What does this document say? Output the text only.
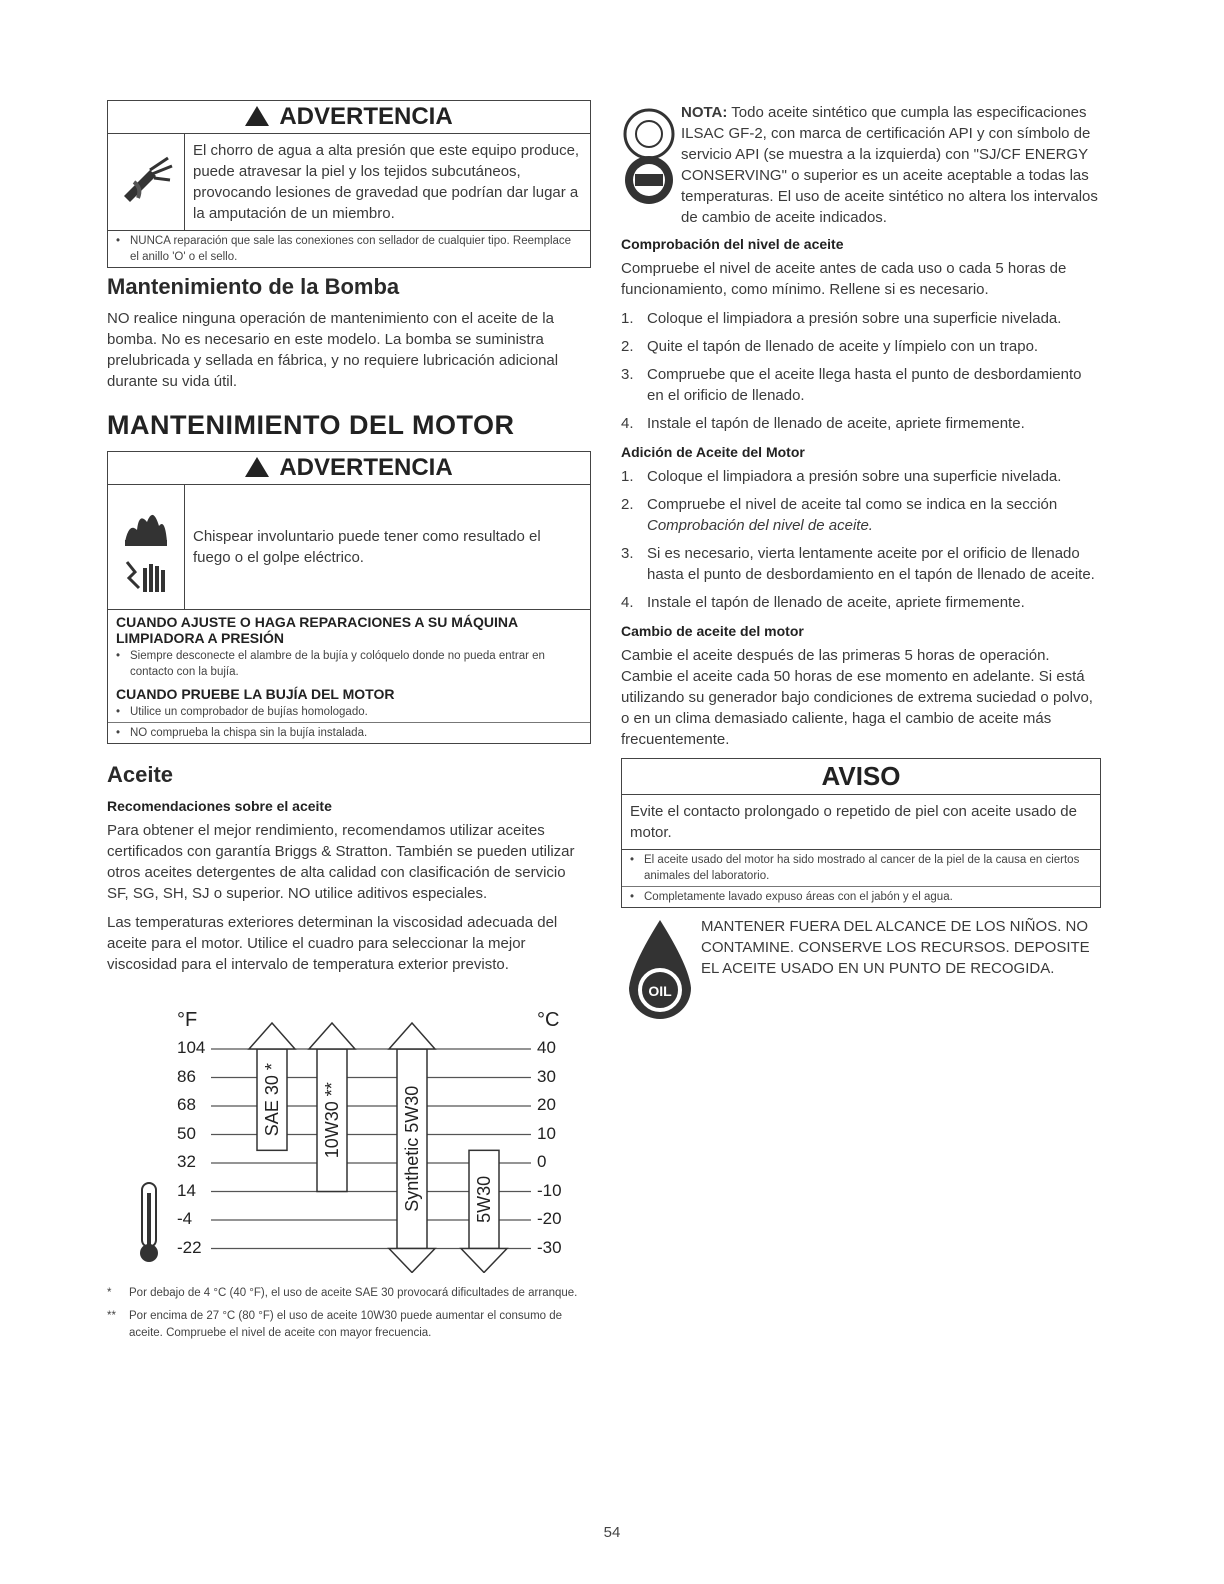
ADVERTENCIA
El chorro de agua a alta presión que este equipo produce, puede atravesar la piel y los tejidos subcutáneos, provocando lesiones de gravedad que podrían dar lugar a la amputación de un miembro.
• NUNCA reparación que sale las conexiones con sellador de cualquier tipo. Reemplace el anillo 'O' o el sello.
Mantenimiento de la Bomba

NO realice ninguna operación de mantenimiento con el aceite de la bomba. No es necesario en este modelo. La bomba se suministra prelubricada y sellada en fábrica, y no requiere lubricación adicional durante su vida útil.

MANTENIMIENTO DEL MOTOR
ADVERTENCIA
Chispear involuntario puede tener como resultado el fuego o el golpe eléctrico.
CUANDO AJUSTE O HAGA REPARACIONES A SU MÁQUINA LIMPIADORA A PRESIÓN
• Siempre desconecte el alambre de la bujía y colóquelo donde no pueda entrar en contacto con la bujía.
CUANDO PRUEBE LA BUJÍA DEL MOTOR
• Utilice un comprobador de bujías homologado.
• NO comprueba la chispa sin la bujía instalada.
Aceite
Recomendaciones sobre el aceite

Para obtener el mejor rendimiento, recomendamos utilizar aceites certificados con garantía Briggs & Stratton. También se pueden utilizar otros aceites detergentes de alta calidad con clasificación de servicio SF, SG, SH, SJ o superior. NO utilice aditivos especiales.

Las temperaturas exteriores determinan la viscosidad adecuada del aceite para el motor. Utilice el cuadro para seleccionar la mejor viscosidad para el intervalo de temperatura exterior previsto.

SAE 30 * 10W30 **	Synthetic 5W30	5W30
°F	°C
104	40
86	30
68	20
50	10
32	0
14	-10
-4	-20
-22	-30
*	Por debajo de 4 °C (40 °F), el uso de aceite SAE 30 provocará dificultades de arranque.
**	Por encima de 27 °C (80 °F) el uso de aceite 10W30 puede aumentar el consumo de aceite. Compruebe el nivel de aceite con mayor frecuencia.
NOTA: Todo aceite sintético que cumpla las especificaciones ILSAC GF-2, con marca de certificación API y con símbolo de servicio API (se muestra a la izquierda) con "SJ/CF ENERGY CONSERVING" o superior es un aceite aceptable a todas las temperaturas. El uso de aceite sintético no altera los intervalos de cambio de aceite indicados.
Comprobación del nivel de aceite

Compruebe el nivel de aceite antes de cada uso o cada 5 horas de funcionamiento, como mínimo. Rellene si es necesario.

1. Coloque el limpiadora a presión sobre una superficie nivelada.
2. Quite el tapón de llenado de aceite y límpielo con un trapo.
3. Compruebe que el aceite llega hasta el punto de desbordamiento en el orificio de llenado.
4. Instale el tapón de llenado de aceite, apriete firmemente.
Adición de Aceite del Motor
1. Coloque el limpiadora a presión sobre una superficie nivelada.
2. Compruebe el nivel de aceite tal como se indica en la sección Comprobación del nivel de aceite.
3. Si es necesario, vierta lentamente aceite por el orificio de llenado hasta el punto de desbordamiento en el tapón de llenado de aceite.
4. Instale el tapón de llenado de aceite, apriete firmemente.
Cambio de aceite del motor

Cambie el aceite después de las primeras 5 horas de operación. Cambie el aceite cada 50 horas de ese momento en adelante. Si está utilizando su generador bajo condiciones de extrema suciedad o polvo, o en un clima demasiado caliente, haga el cambio de aceite más frecuentemente.

AVISO
Evite el contacto prolongado o repetido de piel con aceite usado de motor.
• El aceite usado del motor ha sido mostrado al cancer de la piel de la causa en ciertos animales del laboratorio.
• Completamente lavado expuso áreas con el jabón y el agua.
OIL
MANTENER FUERA DEL ALCANCE DE LOS NIÑOS. NO CONTAMINE. CONSERVE LOS RECURSOS. DEPOSITE EL ACEITE USADO EN UN PUNTO DE RECOGIDA.
54
